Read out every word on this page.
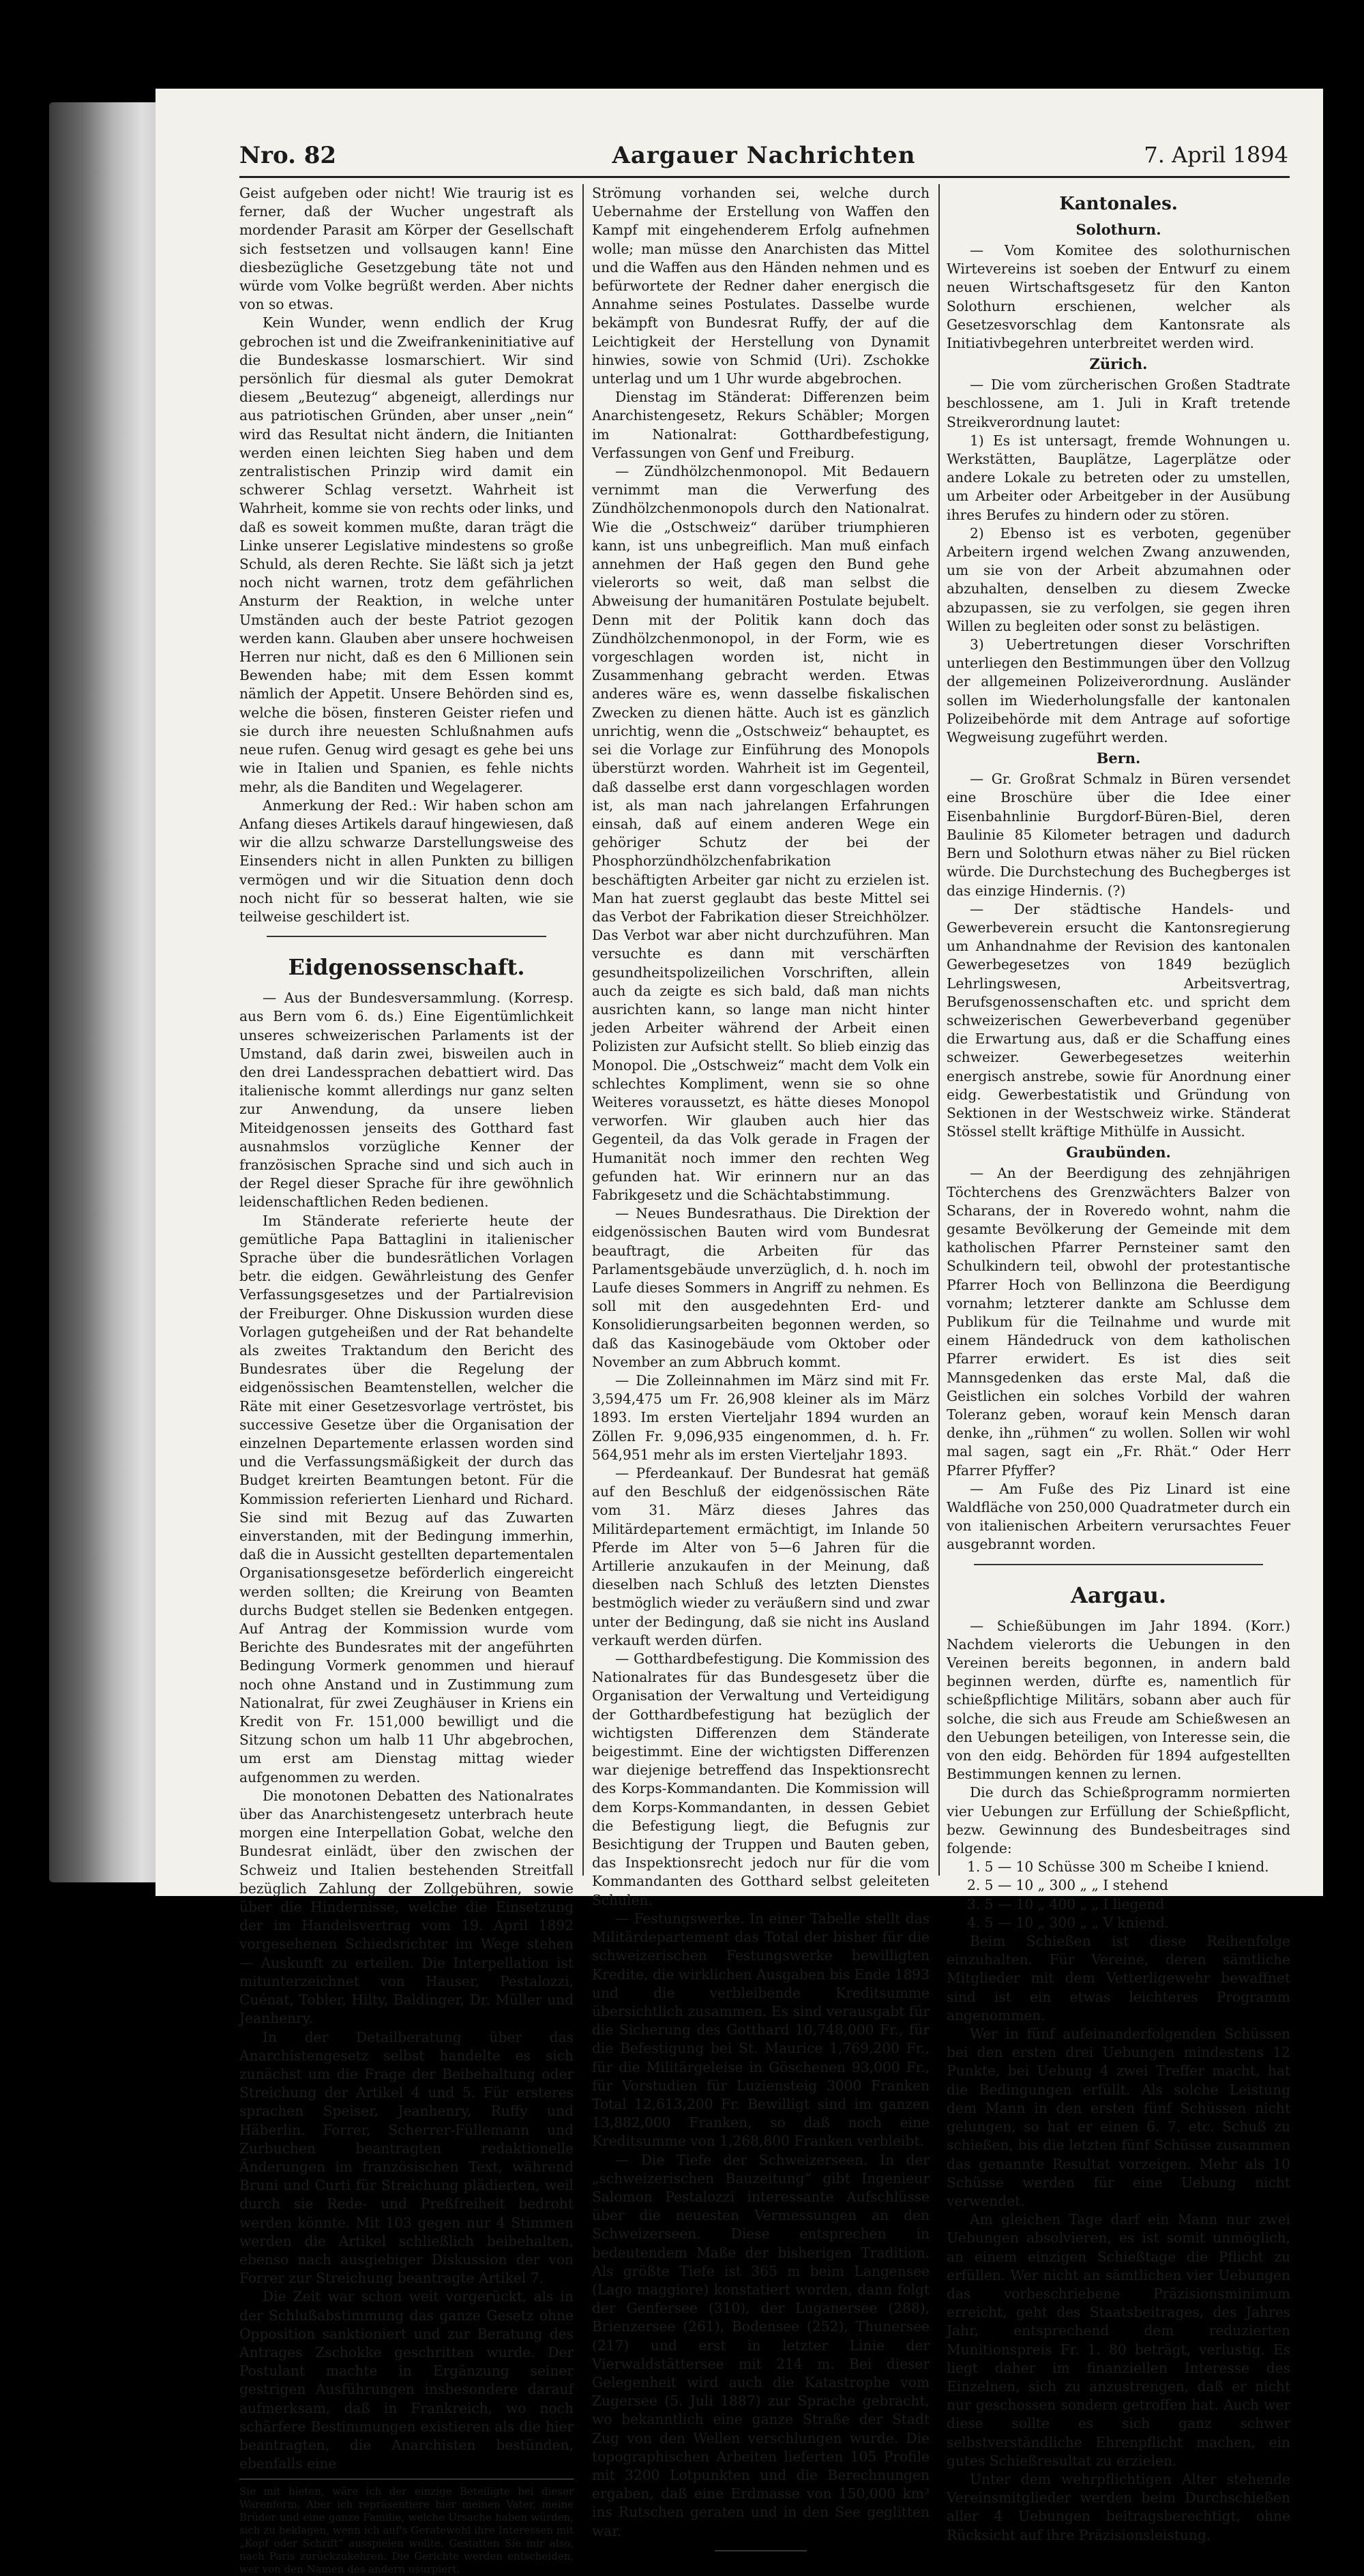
Nro. 82	Aargauer Nachrichten	7. April 1894

Geist aufgeben oder nicht! Wie traurig ist es ferner, daß der Wucher ungestraft als mordender Parasit am Körper der Gesellschaft sich festsetzen und vollsaugen kann! Eine diesbezügliche Gesetzgebung täte not und würde vom Volke begrüßt werden. Aber nichts von so etwas.

Kein Wunder, wenn endlich der Krug gebrochen ist und die Zweifrankeninitiative auf die Bundeskasse losmarschiert. Wir sind persönlich für diesmal als guter Demokrat diesem „Beutezug“ abgeneigt, allerdings nur aus patriotischen Gründen, aber unser „nein“ wird das Resultat nicht ändern, die Initianten werden einen leichten Sieg haben und dem zentralistischen Prinzip wird damit ein schwerer Schlag versetzt. Wahrheit ist Wahrheit, komme sie von rechts oder links, und daß es soweit kommen mußte, daran trägt die Linke unserer Legislative mindestens so große Schuld, als deren Rechte. Sie läßt sich ja jetzt noch nicht warnen, trotz dem gefährlichen Ansturm der Reaktion, in welche unter Umständen auch der beste Patriot gezogen werden kann. Glauben aber unsere hochweisen Herren nur nicht, daß es den 6 Millionen sein Bewenden habe; mit dem Essen kommt nämlich der Appetit. Unsere Behörden sind es, welche die bösen, finsteren Geister riefen und sie durch ihre neuesten Schlußnahmen aufs neue rufen. Genug wird gesagt es gehe bei uns wie in Italien und Spanien, es fehle nichts mehr, als die Banditen und Wegelagerer.

Anmerkung der Red.: Wir haben schon am Anfang dieses Artikels darauf hingewiesen, daß wir die allzu schwarze Darstellungsweise des Einsenders nicht in allen Punkten zu billigen vermögen und wir die Situation denn doch noch nicht für so besserat halten, wie sie teilweise geschildert ist.

Eidgenossenschaft.

— Aus der Bundesversammlung. (Korresp. aus Bern vom 6. ds.) Eine Eigentümlichkeit unseres schweizerischen Parlaments ist der Umstand, daß darin zwei, bisweilen auch in den drei Landessprachen debattiert wird. Das italienische kommt allerdings nur ganz selten zur Anwendung, da unsere lieben Miteidgenossen jenseits des Gotthard fast ausnahmslos vorzügliche Kenner der französischen Sprache sind und sich auch in der Regel dieser Sprache für ihre gewöhnlich leidenschaftlichen Reden bedienen.

Im Ständerate referierte heute der gemütliche Papa Battaglini in italienischer Sprache über die bundesrätlichen Vorlagen betr. die eidgen. Gewährleistung des Genfer Verfassungsgesetzes und der Partialrevision der Freiburger. Ohne Diskussion wurden diese Vorlagen gutgeheißen und der Rat behandelte als zweites Traktandum den Bericht des Bundesrates über die Regelung der eidgenössischen Beamtenstellen, welcher die Räte mit einer Gesetzesvorlage vertröstet, bis successive Gesetze über die Organisation der einzelnen Departemente erlassen worden sind und die Verfassungsmäßigkeit der durch das Budget kreirten Beamtungen betont. Für die Kommission referierten Lienhard und Richard. Sie sind mit Bezug auf das Zuwarten einverstanden, mit der Bedingung immerhin, daß die in Aussicht gestellten departementalen Organisationsgesetze beförderlich eingereicht werden sollten; die Kreirung von Beamten durchs Budget stellen sie Bedenken entgegen. Auf Antrag der Kommission wurde vom Berichte des Bundesrates mit der angeführten Bedingung Vormerk genommen und hierauf noch ohne Anstand und in Zustimmung zum Nationalrat, für zwei Zeughäuser in Kriens ein Kredit von Fr. 151,000 bewilligt und die Sitzung schon um halb 11 Uhr abgebrochen, um erst am Dienstag mittag wieder aufgenommen zu werden.

Die monotonen Debatten des Nationalrates über das Anarchistengesetz unterbrach heute morgen eine Interpellation Gobat, welche den Bundesrat einlädt, über den zwischen der Schweiz und Italien bestehenden Streitfall bezüglich Zahlung der Zollgebühren, sowie über die Hindernisse, welche die Einsetzung der im Handelsvertrag vom 19. April 1892 vorgesehenen Schiedsrichter im Wege stehen — Auskunft zu erteilen. Die Interpellation ist mitunterzeichnet von Hauser, Pestalozzi, Cuénat, Tobler, Hilty, Baldinger, Dr. Müller und Jeanhenry.

In der Detailberatung über das Anarchistengesetz selbst handelte es sich zunächst um die Frage der Beibehaltung oder Streichung der Artikel 4 und 5. Für ersteres sprachen Speiser, Jeanhenry, Ruffy und Häberlin. Forrer, Scherrer-Füllemann und Zurbuchen beantragten redaktionelle Änderungen im französischen Text, während Bruni und Curti für Streichung plädierten, weil durch sie Rede- und Preßfreiheit bedroht werden könnte. Mit 103 gegen nur 4 Stimmen werden die Artikel schließlich beibehalten, ebenso nach ausgiebiger Diskussion der von Forrer zur Streichung beantragte Artikel 7.

Die Zeit war schon weit vorgerückt, als in der Schlußabstimmung das ganze Gesetz ohne Opposition sanktioniert und zur Beratung des Antrages Zschokke geschritten wurde. Der Postulant machte in Ergänzung seiner gestrigen Ausführungen insbesondere darauf aufmerksam, daß in Frankreich, wo noch schärfere Bestimmungen existieren als die hier beantragten, die Anarchisten bestünden, ebenfalls eine

Sie mit bieten, wäre ich der einzige Beteiligte bei dieser Warenform. Aber ich repräsentiere hier meinen Vater, meine Brüder und eine ganze Familie, welche Ursache haben würden, sich zu beklagen, wenn ich auf's Geratewohl ihre Interessen mit „Kopf oder Schrift“ ausspielen wollte. Gestatten Sie mir also, nach Paris zurückzukehren. Die Gerichte werden entscheiden, wer von den Namen des andern usurpiert.

Strömung vorhanden sei, welche durch Uebernahme der Erstellung von Waffen den Kampf mit eingehenderem Erfolg aufnehmen wolle; man müsse den Anarchisten das Mittel und die Waffen aus den Händen nehmen und es befürwortete der Redner daher energisch die Annahme seines Postulates. Dasselbe wurde bekämpft von Bundesrat Ruffy, der auf die Leichtigkeit der Herstellung von Dynamit hinwies, sowie von Schmid (Uri). Zschokke unterlag und um 1 Uhr wurde abgebrochen.

Dienstag im Ständerat: Differenzen beim Anarchistengesetz, Rekurs Schäbler; Morgen im Nationalrat: Gotthardbefestigung, Verfassungen von Genf und Freiburg.

— Zündhölzchenmonopol. Mit Bedauern vernimmt man die Verwerfung des Zündhölzchenmonopols durch den Nationalrat. Wie die „Ostschweiz“ darüber triumphieren kann, ist uns unbegreiflich. Man muß einfach annehmen der Haß gegen den Bund gehe vielerorts so weit, daß man selbst die Abweisung der humanitären Postulate bejubelt. Denn mit der Politik kann doch das Zündhölzchenmonopol, in der Form, wie es vorgeschlagen worden ist, nicht in Zusammenhang gebracht werden. Etwas anderes wäre es, wenn dasselbe fiskalischen Zwecken zu dienen hätte. Auch ist es gänzlich unrichtig, wenn die „Ostschweiz“ behauptet, es sei die Vorlage zur Einführung des Monopols überstürzt worden. Wahrheit ist im Gegenteil, daß dasselbe erst dann vorgeschlagen worden ist, als man nach jahrelangen Erfahrungen einsah, daß auf einem anderen Wege ein gehöriger Schutz der bei der Phosphorzündhölzchenfabrikation beschäftigten Arbeiter gar nicht zu erzielen ist. Man hat zuerst geglaubt das beste Mittel sei das Verbot der Fabrikation dieser Streichhölzer. Das Verbot war aber nicht durchzuführen. Man versuchte es dann mit verschärften gesundheitspolizeilichen Vorschriften, allein auch da zeigte es sich bald, daß man nichts ausrichten kann, so lange man nicht hinter jeden Arbeiter während der Arbeit einen Polizisten zur Aufsicht stellt. So blieb einzig das Monopol. Die „Ostschweiz“ macht dem Volk ein schlechtes Kompliment, wenn sie so ohne Weiteres voraussetzt, es hätte dieses Monopol verworfen. Wir glauben auch hier das Gegenteil, da das Volk gerade in Fragen der Humanität noch immer den rechten Weg gefunden hat. Wir erinnern nur an das Fabrikgesetz und die Schächtabstimmung.

— Neues Bundesrathaus. Die Direktion der eidgenössischen Bauten wird vom Bundesrat beauftragt, die Arbeiten für das Parlamentsgebäude unverzüglich, d. h. noch im Laufe dieses Sommers in Angriff zu nehmen. Es soll mit den ausgedehnten Erd- und Konsolidierungsarbeiten begonnen werden, so daß das Kasinogebäude vom Oktober oder November an zum Abbruch kommt.

— Die Zolleinnahmen im März sind mit Fr. 3,594,475 um Fr. 26,908 kleiner als im März 1893. Im ersten Vierteljahr 1894 wurden an Zöllen Fr. 9,096,935 eingenommen, d. h. Fr. 564,951 mehr als im ersten Vierteljahr 1893.

— Pferdeankauf. Der Bundesrat hat gemäß auf den Beschluß der eidgenössischen Räte vom 31. März dieses Jahres das Militärdepartement ermächtigt, im Inlande 50 Pferde im Alter von 5—6 Jahren für die Artillerie anzukaufen in der Meinung, daß dieselben nach Schluß des letzten Dienstes bestmöglich wieder zu veräußern sind und zwar unter der Bedingung, daß sie nicht ins Ausland verkauft werden dürfen.

— Gotthardbefestigung. Die Kommission des Nationalrates für das Bundesgesetz über die Organisation der Verwaltung und Verteidigung der Gotthardbefestigung hat bezüglich der wichtigsten Differenzen dem Ständerate beigestimmt. Eine der wichtigsten Differenzen war diejenige betreffend das Inspektionsrecht des Korps-Kommandanten. Die Kommission will dem Korps-Kommandanten, in dessen Gebiet die Befestigung liegt, die Befugnis zur Besichtigung der Truppen und Bauten geben, das Inspektionsrecht jedoch nur für die vom Kommandanten des Gotthard selbst geleiteten Schulen.

— Festungswerke. In einer Tabelle stellt das Militärdepartement das Total der bisher für die schweizerischen Festungswerke bewilligten Kredite, die wirklichen Ausgaben bis Ende 1893 und die verbleibende Kreditsumme übersichtlich zusammen. Es sind verausgabt für die Sicherung des Gotthard 10,748,000 Fr., für die Befestigung bei St. Maurice 1,769,200 Fr., für die Militärgeleise in Göschenen 93,000 Fr., für Vorstudien für Luziensteig 3000 Franken Total 12,613,200 Fr. Bewilligt sind im ganzen 13,882,000 Franken, so daß noch eine Kreditsumme von 1,268,800 Franken verbleibt.

— Die Tiefe der Schweizerseen. In der „schweizerischen Bauzeitung“ gibt Ingenieur Salomon Pestalozzi interessante Aufschlüsse über die neuesten Vermessungen an den Schweizerseen. Diese entsprechen in bedeutendem Maße der bisherigen Tradition. Als größte Tiefe ist 365 m beim Langensee (Lago maggiore) konstatiert worden, dann folgt der Genfersee (310), der Luganersee (288), Brienzersee (261), Bodensee (252), Thunersee (217) und erst in letzter Linie der Vierwaldstättersee mit 214 m. Bei dieser Gelegenheit wird auch die Katastrophe vom Zugersee (5. Juli 1887) zur Sprache gebracht, wo bekanntlich eine ganze Straße der Stadt Zug von den Wellen verschlungen wurde. Die topographischen Arbeiten lieferten 105 Profile mit 3200 Lotpunkten und die Berechnungen ergaben, daß eine Erdmasse von 150,000 km³ ins Rutschen geraten und in den See geglitten war.

Kantonales.
Solothurn.

— Vom Komitee des solothurnischen Wirtevereins ist soeben der Entwurf zu einem neuen Wirtschaftsgesetz für den Kanton Solothurn erschienen, welcher als Gesetzesvorschlag dem Kantonsrate als Initiativbegehren unterbreitet werden wird.

Zürich.

— Die vom zürcherischen Großen Stadtrate beschlossene, am 1. Juli in Kraft tretende Streikverordnung lautet:

1) Es ist untersagt, fremde Wohnungen u. Werkstätten, Bauplätze, Lagerplätze oder andere Lokale zu betreten oder zu umstellen, um Arbeiter oder Arbeitgeber in der Ausübung ihres Berufes zu hindern oder zu stören.

2) Ebenso ist es verboten, gegenüber Arbeitern irgend welchen Zwang anzuwenden, um sie von der Arbeit abzumahnen oder abzuhalten, denselben zu diesem Zwecke abzupassen, sie zu verfolgen, sie gegen ihren Willen zu begleiten oder sonst zu belästigen.

3) Uebertretungen dieser Vorschriften unterliegen den Bestimmungen über den Vollzug der allgemeinen Polizeiverordnung. Ausländer sollen im Wiederholungsfalle der kantonalen Polizeibehörde mit dem Antrage auf sofortige Wegweisung zugeführt werden.

Bern.

— Gr. Großrat Schmalz in Büren versendet eine Broschüre über die Idee einer Eisenbahnlinie Burgdorf-Büren-Biel, deren Baulinie 85 Kilometer betragen und dadurch Bern und Solothurn etwas näher zu Biel rücken würde. Die Durchstechung des Buchegberges ist das einzige Hindernis. (?)

— Der städtische Handels- und Gewerbeverein ersucht die Kantonsregierung um Anhandnahme der Revision des kantonalen Gewerbegesetzes von 1849 bezüglich Lehrlingswesen, Arbeitsvertrag, Berufsgenossenschaften etc. und spricht dem schweizerischen Gewerbeverband gegenüber die Erwartung aus, daß er die Schaffung eines schweizer. Gewerbegesetzes weiterhin energisch anstrebe, sowie für Anordnung einer eidg. Gewerbestatistik und Gründung von Sektionen in der Westschweiz wirke. Ständerat Stössel stellt kräftige Mithülfe in Aussicht.

Graubünden.

— An der Beerdigung des zehnjährigen Töchterchens des Grenzwächters Balzer von Scharans, der in Roveredo wohnt, nahm die gesamte Bevölkerung der Gemeinde mit dem katholischen Pfarrer Pernsteiner samt den Schulkindern teil, obwohl der protestantische Pfarrer Hoch von Bellinzona die Beerdigung vornahm; letzterer dankte am Schlusse dem Publikum für die Teilnahme und wurde mit einem Händedruck von dem katholischen Pfarrer erwidert. Es ist dies seit Mannsgedenken das erste Mal, daß die Geistlichen ein solches Vorbild der wahren Toleranz geben, worauf kein Mensch daran denke, ihn „rühmen“ zu wollen. Sollen wir wohl mal sagen, sagt ein „Fr. Rhät.“ Oder Herr Pfarrer Pfyffer?

— Am Fuße des Piz Linard ist eine Waldfläche von 250,000 Quadratmeter durch ein von italienischen Arbeitern verursachtes Feuer ausgebrannt worden.

Aargau.

— Schießübungen im Jahr 1894. (Korr.) Nachdem vielerorts die Uebungen in den Vereinen bereits begonnen, in andern bald beginnen werden, dürfte es, namentlich für schießpflichtige Militärs, sobann aber auch für solche, die sich aus Freude am Schießwesen an den Uebungen beteiligen, von Interesse sein, die von den eidg. Behörden für 1894 aufgestellten Bestimmungen kennen zu lernen.

Die durch das Schießprogramm normierten vier Uebungen zur Erfüllung der Schießpflicht, bezw. Gewinnung des Bundesbeitrages sind folgende:

1. 5 — 10 Schüsse 300 m Scheibe I kniend.

2. 5 — 10 „ 300 „ „ I stehend

3. 5 — 10 „ 400 „ „ I liegend

4. 5 — 10 „ 300 „ „ V kniend.

Beim Schießen ist diese Reihenfolge einzuhalten. Für Vereine, deren sämtliche Mitglieder mit dem Vetterligewehr bewaffnet sind ist ein etwas leichteres Programm angenommen.

Wer in fünf aufeinanderfolgenden Schüssen bei den ersten drei Uebungen mindestens 12 Punkte, bei Uebung 4 zwei Treffer macht, hat die Bedingungen erfüllt. Als solche Leistung dem Mann in den ersten fünf Schüssen nicht gelungen, so hat er einen 6. 7. etc. Schuß zu schießen, bis die letzten fünf Schüsse zusammen das genannte Resultat vorzeigen. Mehr als 10 Schüsse werden für eine Uebung nicht verwendet.

Am gleichen Tage darf ein Mann nur zwei Uebungen absolvieren, es ist somit unmöglich, an einem einzigen Schießtage die Pflicht zu erfüllen. Wer nicht an sämtlichen vier Uebungen das vorbeschriebene Präzisionsminimum erreicht, geht des Staatsbeitrages, des Jahres Jahr, entsprechend dem reduzierten Munitionspreis Fr. 1. 80 beträgt, verlustig. Es liegt daher im finanziellen Interesse des Einzelnen, sich zu anzustrengen, daß er nicht nur geschossen sondern getroffen hat. Auch wer diese sollte es sich ganz schwer selbstverständliche Ehrenpflicht machen, ein gutes Schießresultat zu erzielen.

Unter dem wehrpflichtigen Alter stehende Vereinsmitglieder werden beim Durchschießen aller 4 Uebungen beitragsberechtigt, ohne Rücksicht auf ihre Präzisionsleistung.
